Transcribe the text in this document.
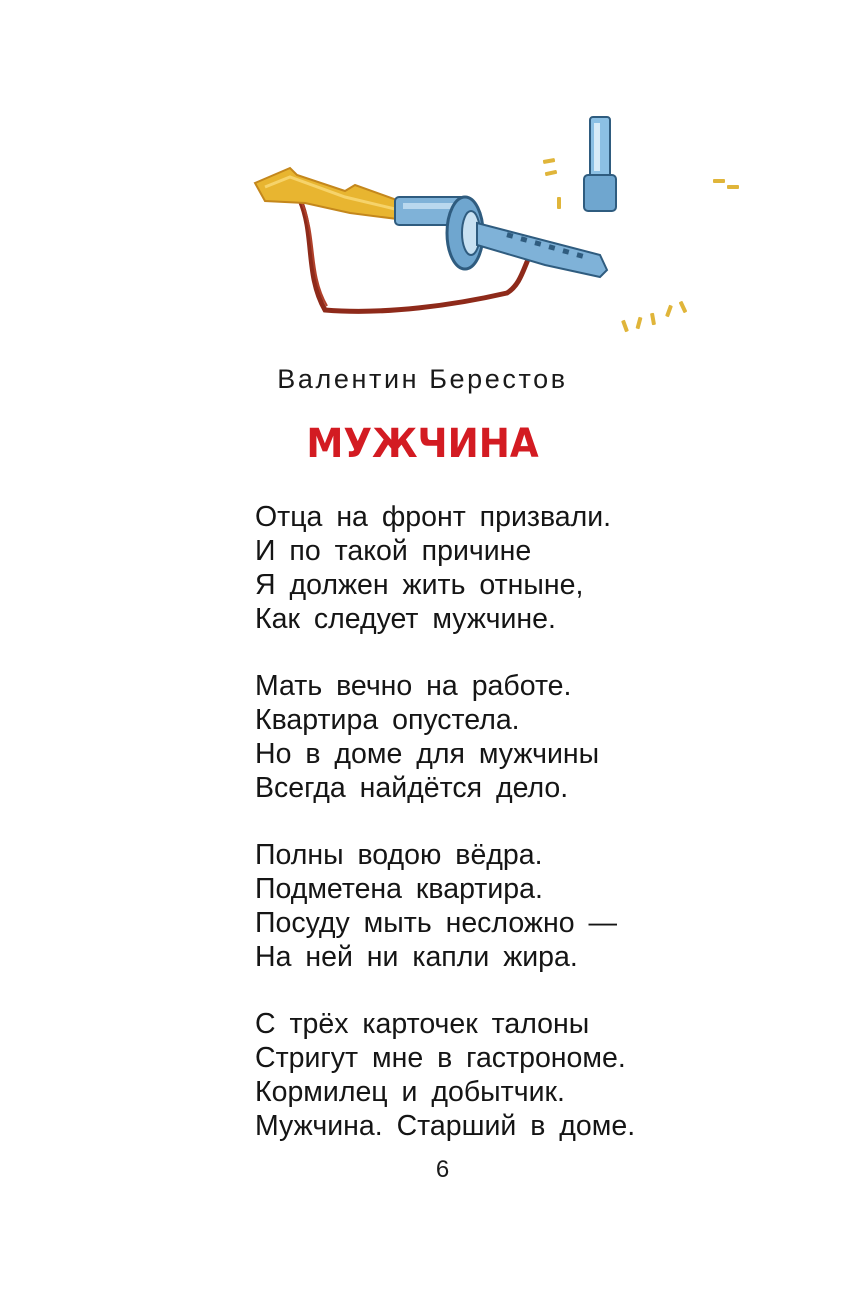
Валентин Берестов
МУЖЧИНА
Отца на фронт призвали.
И по такой причине
Я должен жить отныне,
Как следует мужчине.
Мать вечно на работе.
Квартира опустела.
Но в доме для мужчины
Всегда найдётся дело.
Полны водою вёдра.
Подметена квартира.
Посуду мыть несложно —
На ней ни капли жира.
С трёх карточек талоны
Стригут мне в гастрономе.
Кормилец и добытчик.
Мужчина. Старший в доме.
6
